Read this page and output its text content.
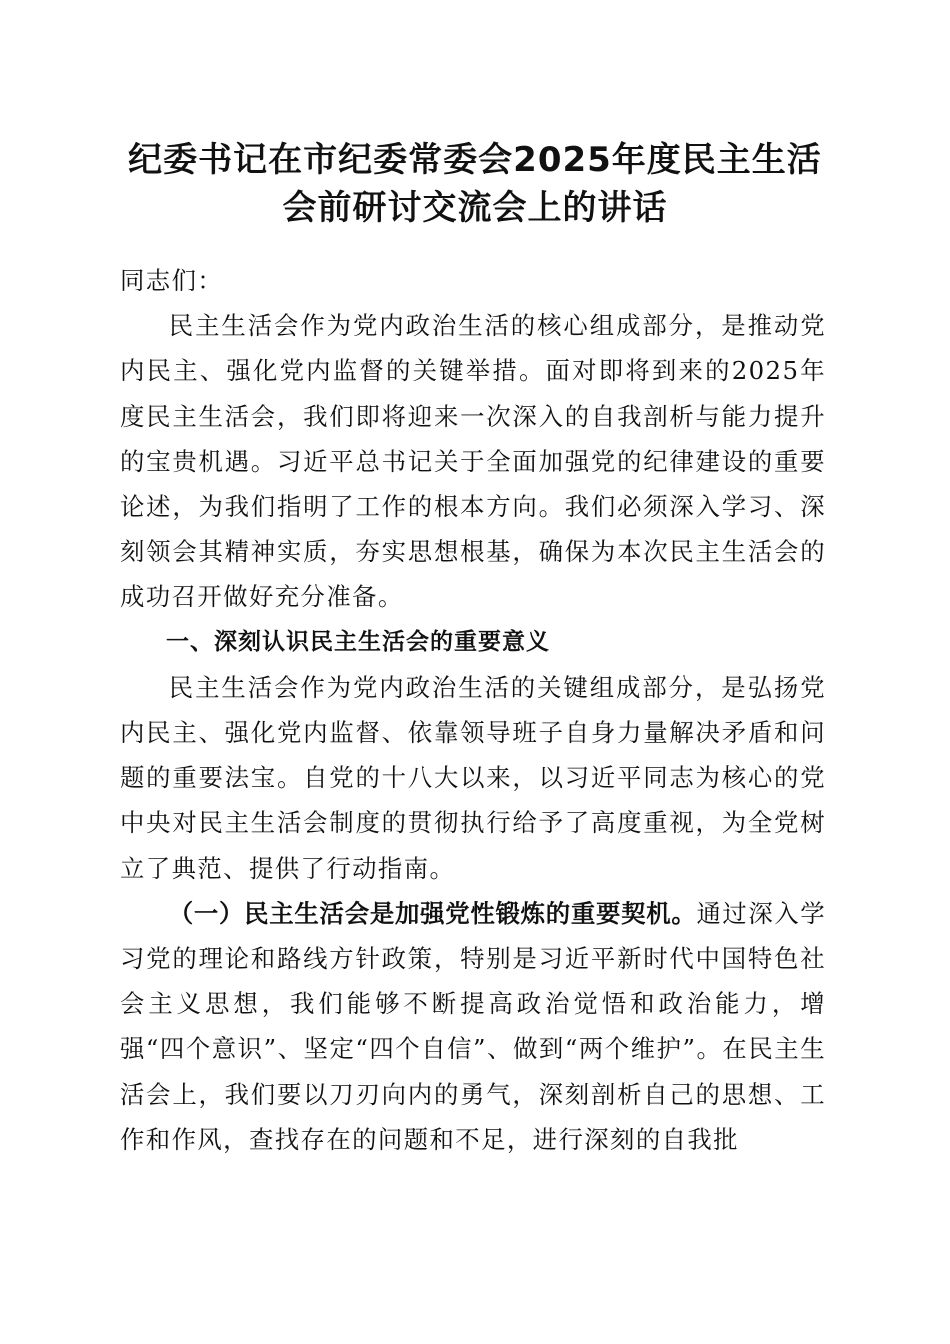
纪委书记在市纪委常委会2025年度民主生活
会前研讨交流会上的讲话

同志们：

民主生活会作为党内政治生活的核心组成部分，是推动党内民主、强化党内监督的关键举措。面对即将到来的2025年度民主生活会，我们即将迎来一次深入的自我剖析与能力提升的宝贵机遇。习近平总书记关于全面加强党的纪律建设的重要论述，为我们指明了工作的根本方向。我们必须深入学习、深刻领会其精神实质，夯实思想根基，确保为本次民主生活会的成功召开做好充分准备。

一、深刻认识民主生活会的重要意义

民主生活会作为党内政治生活的关键组成部分，是弘扬党内民主、强化党内监督、依靠领导班子自身力量解决矛盾和问题的重要法宝。自党的十八大以来，以习近平同志为核心的党中央对民主生活会制度的贯彻执行给予了高度重视，为全党树立了典范、提供了行动指南。

（一）民主生活会是加强党性锻炼的重要契机。通过深入学习党的理论和路线方针政策，特别是习近平新时代中国特色社会主义思想，我们能够不断提高政治觉悟和政治能力，增强“四个意识”、坚定“四个自信”、做到“两个维护”。在民主生活会上，我们要以刀刃向内的勇气，深刻剖析自己的思想、工作和作风，查找存在的问题和不足，进行深刻的自我批
